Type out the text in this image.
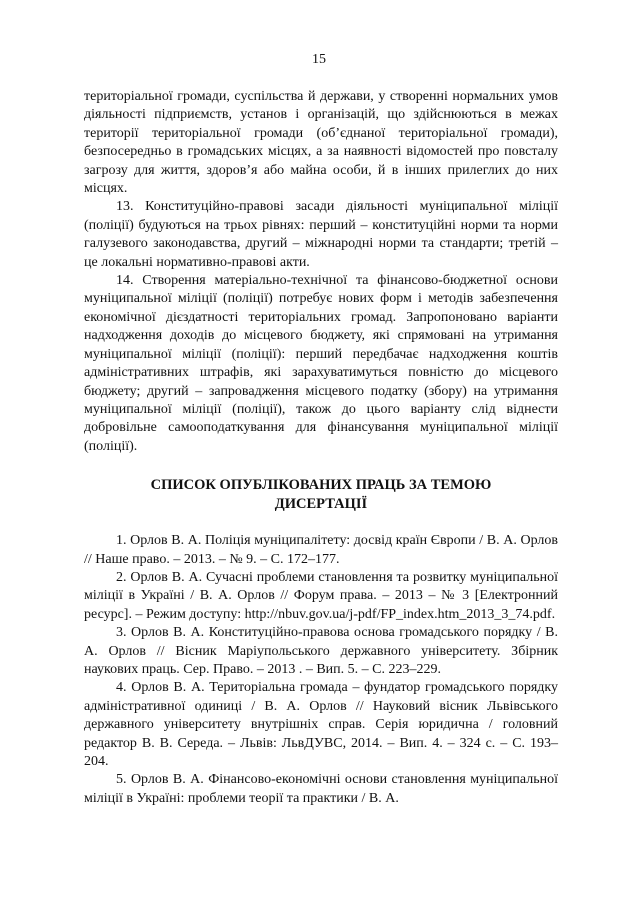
15

територіальної громади, суспільства й держави, у створенні нормальних умов діяльності підприємств, установ і організацій, що здійснюються в межах території територіальної громади (об’єднаної територіальної громади), безпосередньо в громадських місцях, а за наявності відомостей про повсталу загрозу для життя, здоров’я або майна особи, й в інших прилеглих до них місцях.

13. Конституційно-правові засади діяльності муніципальної міліції (поліції) будуються на трьох рівнях: перший – конституційні норми та норми галузевого законодавства, другий – міжнародні норми та стандарти; третій – це локальні нормативно-правові акти.

14. Створення матеріально-технічної та фінансово-бюджетної основи муніципальної міліції (поліції) потребує нових форм і методів забезпечення економічної дієздатності територіальних громад. Запропоновано варіанти надходження доходів до місцевого бюджету, які спрямовані на утримання муніципальної міліції (поліції): перший передбачає надходження коштів адміністративних штрафів, які зарахуватимуться повністю до місцевого бюджету; другий – запровадження місцевого податку (збору) на утримання муніципальної міліції (поліції), також до цього варіанту слід віднести добровільне самооподаткування для фінансування муніципальної міліції (поліції).

СПИСОК ОПУБЛІКОВАНИХ ПРАЦЬ ЗА ТЕМОЮ
ДИСЕРТАЦІЇ

1. Орлов В. А. Поліція муніципалітету: досвід країн Європи / В. А. Орлов // Наше право. – 2013. – № 9. – С. 172–177.

2. Орлов В. А. Сучасні проблеми становлення та розвитку муніципальної міліції в Україні / В. А. Орлов // Форум права. – 2013 – № 3 [Електронний ресурс]. – Режим доступу: http://nbuv.gov.ua/j-pdf/FP_index.htm_2013_3_74.pdf.

3. Орлов В. А. Конституційно-правова основа громадського порядку / В. А. Орлов // Вісник Маріупольського державного університету. Збірник наукових праць. Сер. Право. – 2013 . – Вип. 5. – С. 223–229.

4. Орлов В. А. Територіальна громада – фундатор громадського порядку адміністративної одиниці / В. А. Орлов // Науковий вісник Львівського державного університету внутрішніх справ. Серія юридична / головний редактор В. В. Середа. – Львів: ЛьвДУВС, 2014. – Вип. 4. – 324 с. – С. 193–204.

5. Орлов В. А. Фінансово-економічні основи становлення муніципальної міліції в Україні: проблеми теорії та практики / В. А.
